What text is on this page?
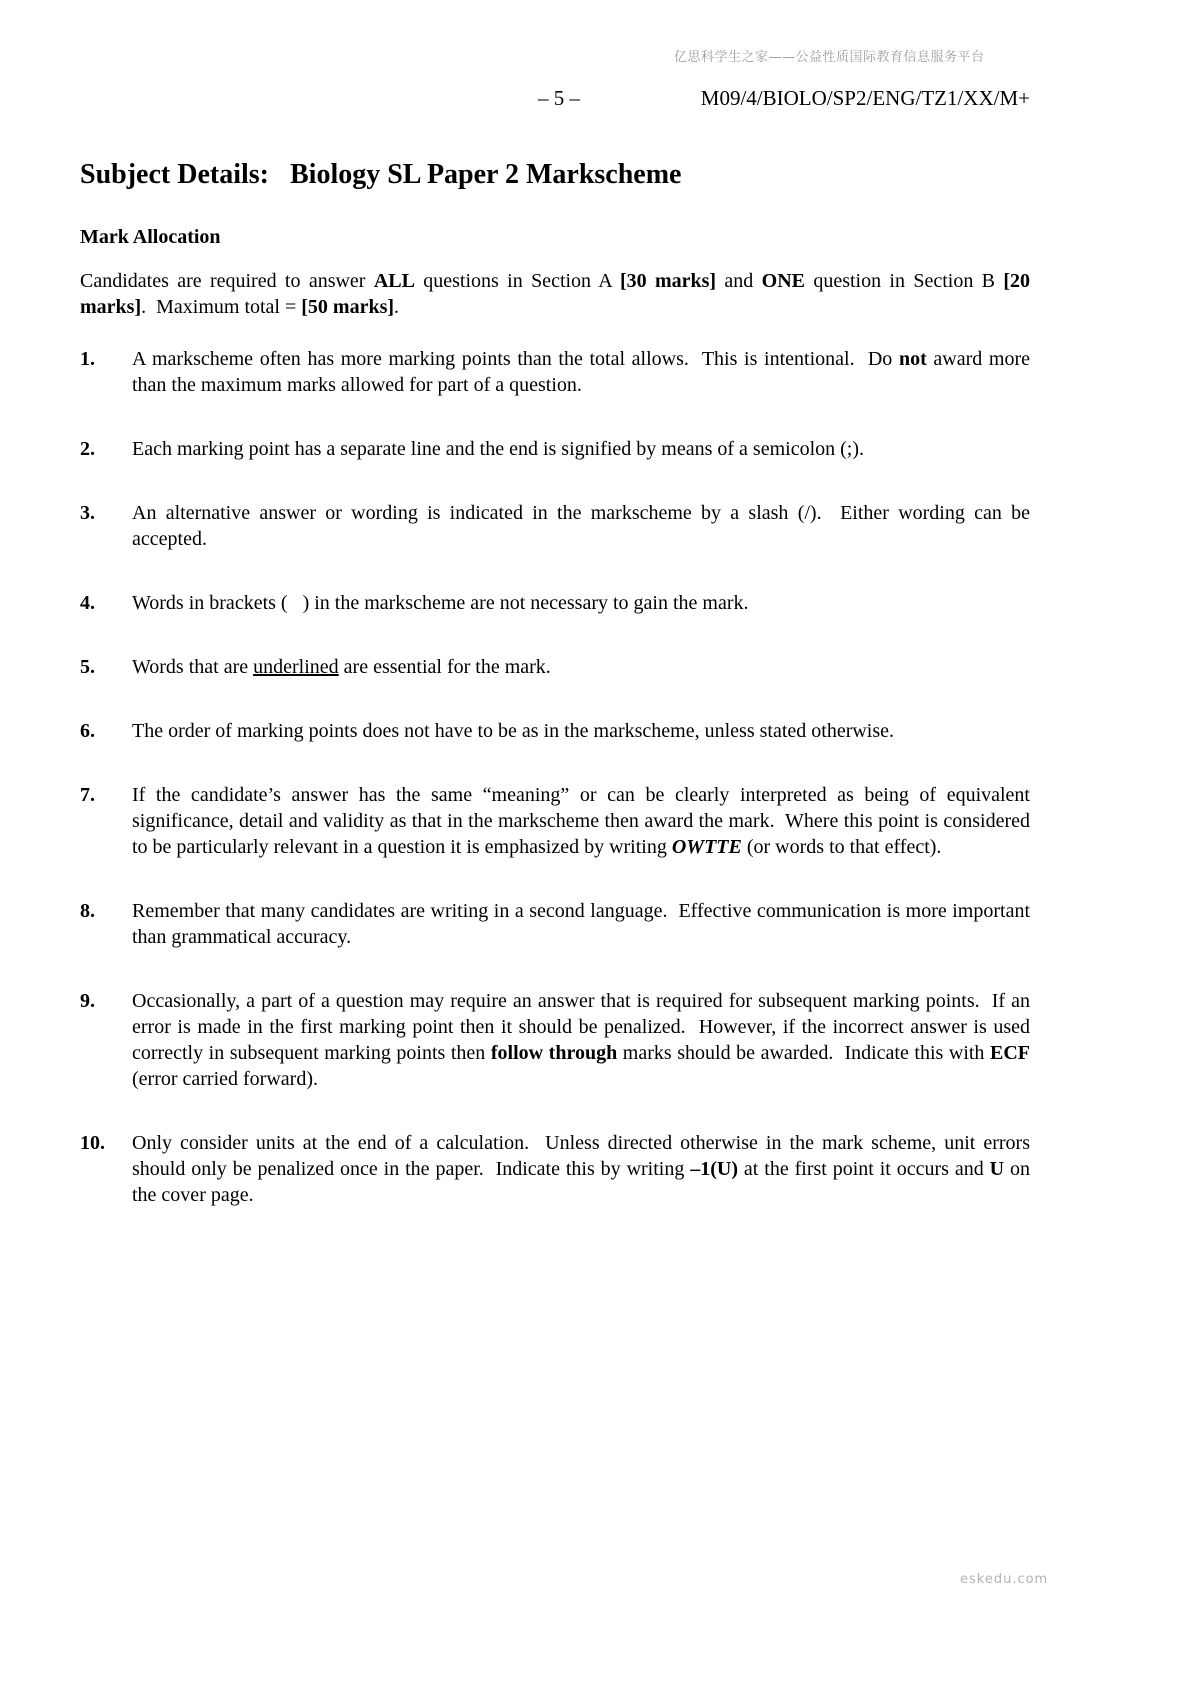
亿思科学生之家——公益性质国际教育信息服务平台
– 5 –	M09/4/BIOLO/SP2/ENG/TZ1/XX/M+
Subject Details: Biology SL Paper 2 Markscheme
Mark Allocation

Candidates are required to answer ALL questions in Section A [30 marks] and ONE question in Section B [20 marks].  Maximum total = [50 marks].

1.	A markscheme often has more marking points than the total allows.  This is intentional.  Do not award more than the maximum marks allowed for part of a question.
2.	Each marking point has a separate line and the end is signified by means of a semicolon (;).
3.	An alternative answer or wording is indicated in the markscheme by a slash (/).  Either wording can be accepted.
4.	Words in brackets (   ) in the markscheme are not necessary to gain the mark.
5.	Words that are underlined are essential for the mark.
6.	The order of marking points does not have to be as in the markscheme, unless stated otherwise.
7.	If the candidate’s answer has the same “meaning” or can be clearly interpreted as being of equivalent significance, detail and validity as that in the markscheme then award the mark.  Where this point is considered to be particularly relevant in a question it is emphasized by writing OWTTE (or words to that effect).
8.	Remember that many candidates are writing in a second language.  Effective communication is more important than grammatical accuracy.
9.	Occasionally, a part of a question may require an answer that is required for subsequent marking points.  If an error is made in the first marking point then it should be penalized.  However, if the incorrect answer is used correctly in subsequent marking points then follow through marks should be awarded.  Indicate this with ECF (error carried forward).
10.	Only consider units at the end of a calculation.  Unless directed otherwise in the mark scheme, unit errors should only be penalized once in the paper.  Indicate this by writing –1(U) at the first point it occurs and U on the cover page.
eskedu.com
